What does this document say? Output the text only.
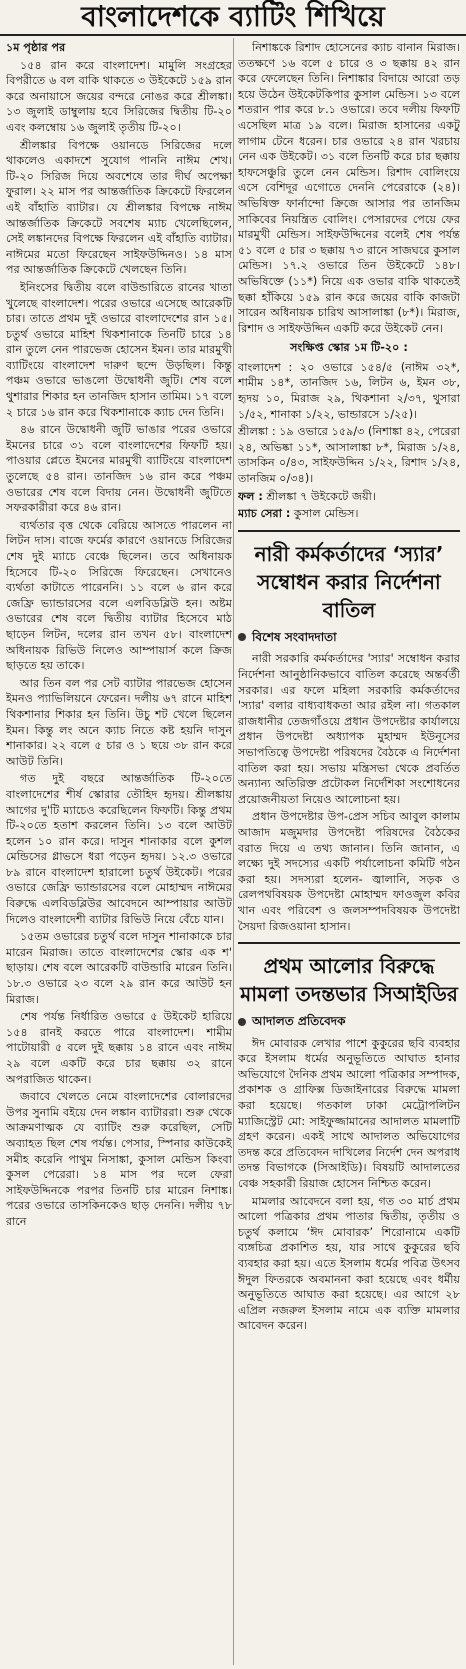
বাংলাদেশকে ব্যাটিং শিখিয়ে

১ম পৃষ্ঠার পর

১৫৪ রান করে বাংলাদেশ। মামুলি সংগ্রহের বিপরীতে ৬ বল বাকি থাকতে ৩ উইকেটে ১৫৯ রান করে অনায়াসে জয়ের বন্দরে নোঙর করে শ্রীলঙ্কা। ১৩ জুলাই ডাম্বুলায় হবে সিরিজের দ্বিতীয় টি-২০ এবং কলম্বোয় ১৬ জুলাই তৃতীয় টি-২০।

শ্রীলঙ্কার বিপক্ষে ওয়ানডে সিরিজের দলে থাকলেও একাদশে সুযোগ পাননি নাঈম শেখ। টি-২০ সিরিজ দিয়ে অবশেষে তার দীর্ঘ অপেক্ষা ফুরাল। ২২ মাস পর আন্তর্জাতিক ক্রিকেটে ফিরলেন এই বাঁহাতি ব্যাটার। যে শ্রীলঙ্কার বিপক্ষে নাঈম আন্তর্জাতিক ক্রিকেটে সবশেষ ম্যাচ খেলেছিলেন, সেই লঙ্কানদের বিপক্ষে ফিরলেন এই বাঁহাতি ব্যাটার। নাঈমের মতো ফিরেছেন সাইফউদ্দিনও। ১৪ মাস পর আন্তর্জাতিক ক্রিকেটে খেলছেন তিনি।

ইনিংসের দ্বিতীয় বলে বাউন্ডারিতে রানের খাতা খুলেছে বাংলাদেশ। পরের ওভারে এসেছে আরেকটি চার। তাতে প্রথম দুই ওভারে বাংলাদেশের রান ১৫। চতুর্থ ওভারে মাহিশ থিকশানাকে তিনটি চারে ১৪ রান তুলে নেন পারভেজ হোসেন ইমন। তার মারমুখী ব্যাটিংয়ে বাংলাদেশ দারুণ ছন্দে উড়ছিল। কিন্তু পঞ্চম ওভারে ভাঙলো উদ্বোধনী জুটি। শেষ বলে থুশারার শিকার হন তানজিদ হাসান তামিম। ১৭ বলে ২ চারে ১৬ রান করে থিকশানাকে ক্যাচ দেন তিনি।

৪৬ রানে উদ্বোধনী জুটি ভাঙার পরের ওভারে ইমনের চারে ৩১ বলে বাংলাদেশের ফিফটি হয়। পাওয়ার প্লেতে ইমনের মারমুখী ব্যাটিংয়ে বাংলাদেশ তুলেছে ৫৪ রান। তানজিদ ১৬ রান করে পঞ্চম ওভারের শেষ বলে বিদায় নেন। উদ্বোধনী জুটিতে সফরকারীরা করে ৪৬ রান।

ব্যর্থতার বৃত্ত থেকে বেরিয়ে আসতে পারলেন না লিটন দাস। বাজে ফর্মের কারণে ওয়ানডে সিরিজের শেষ দুই ম্যাচে বেঞ্চে ছিলেন। তবে অধিনায়ক হিসেবে টি-২০ সিরিজে ফিরেছেন। সেখানেও ব্যর্থতা কাটাতে পারেননি। ১১ বলে ৬ রান করে জেফ্রি ভ্যান্ডারসের বলে এলবিডব্লিউ হন। অষ্টম ওভারের শেষ বলে দ্বিতীয় ব্যাটার হিসেবে মাঠ ছাড়েন লিটন, দলের রান তখন ৫৮। বাংলাদেশ অধিনায়ক রিভিউ নিলেও আম্পায়ার্স কলে ক্রিজ ছাড়তে হয় তাকে।

আর তিন বল পর সেট ব্যাটার পারভেজ হোসেন ইমনও প্যাভিলিয়নে ফেরেন। দলীয় ৬৭ রানে মাহিশ থিকশানার শিকার হন তিনি। উচু শট খেলে ছিলেন ইমন। কিন্তু লং অনে ক্যাচ নিতে কষ্ট হয়নি দাসুন শানাকার। ২২ বলে ৫ চার ও ১ ছয়ে ৩৮ রান করে আউট তিনি।

গত দুই বছরে আন্তর্জাতিক টি-২০তে বাংলাদেশের শীর্ষ স্কোরার তৌহিদ হৃদয়। শ্রীলঙ্কায় আগের দু'টি ম্যাচেও করেছিলেন ফিফটি। কিন্তু প্রথম টি-২০তে হতাশ করলেন তিনি। ১৩ বলে আউট হলেন ১০ রান করে। দাসুন শানাকার বলে কুশল মেন্ডিসের গ্লাভসে ধরা পড়েন হৃদয়। ১২.৩ ওভারে ৮৯ রানে বাংলাদেশ হারালো চতুর্থ উইকেট। পরের ওভারে জেফ্রি ভ্যান্ডারসের বলে মোহাম্মদ নাঈমের বিরুদ্ধে এলবিডব্লিউর আবেদনে আম্পায়ার আউট দিলেও বাংলাদেশী ব্যাটার রিভিউ নিয়ে বেঁচে যান।

১৫তম ওভারের চতুর্থ বলে দাসুন শানাকাকে চার মারেন মিরাজ। তাতে বাংলাদেশের স্কোর এক শ' ছাড়ায়। শেষ বলে আরেকটি বাউন্ডারি মারেন তিনি। ১৮.৩ ওভারে ২৩ বলে ২৯ রান করে আউট হন মিরাজ।

শেষ পর্যন্ত নির্ধারিত ওভারে ৫ উইকেট হারিয়ে ১৫৪ রানই করতে পারে বাংলাদেশ। শামীম পাটোয়ারী ৫ বলে দুই ছক্কায় ১৪ রানে এবং নাঈম ২৯ বলে একটি করে চার ছক্কায় ৩২ রানে অপরাজিত থাকেন।

জবাবে খেলতে নেমে বাংলাদেশের বোলারদের উপর সুনামি বইয়ে দেন লঙ্কান ব্যাটাররা। শুরু থেকে আক্রমণাত্মক যে ব্যাটিং শুরু করেছিল, সেটি অব্যাহত ছিল শেষ পর্যন্ত। পেসার, স্পিনার কাউকেই সমীহ করেনি পাথুম নিসাঙ্কা, কুসাল মেন্ডিস কিংবা কুসল পেরেরা। ১৪ মাস পর দলে ফেরা সাইফউদ্দিনকে পরপর তিনটি চার মারেন নিশাঙ্ক। পরের ওভারে তাসকিনকেও ছাড় দেননি। দলীয় ৭৮ রানে

নিশাঙ্ককে রিশাদ হোসেনের ক্যাচ বানান মিরাজ। ততক্ষণে ১৬ বলে ৫ চারে ও ৩ ছক্কায় ৪২ রান করে ফেলেছেন তিনি। নিশাঙ্কার বিদায়ে আরো তড় হয়ে উঠেন উইকেটকিপার কুসাল মেন্ডিস। ১৩ বলে শতরান পার করে ৮.১ ওভারে। তবে দলীয় ফিফটি এসেছিল মাত্র ১৯ বলে। মিরাজ হাসানের একটু লাগাম টেনে ধরেন। চার ওভারে ২৪ রান খরচায় নেন এক উইকেট। ৩১ বলে তিনটি করে চার ছক্কায় হাফসেঞ্চুরি তুলে নেন মেন্ডিস। রিশাদ বোলিংয়ে এসে বেশিদূর এগোতে দেননি পেরেরাকে (২৪)। অভিষিক্ত ফার্নান্দো ক্রিজে আসার পর তানজিম সাকিবের নিয়ন্ত্রিত বোলিং। পেসারদের পেয়ে ফের মারমুখী মেন্ডিস। সাইফউদ্দিনের বলেই শেষ পর্যন্ত ৫১ বলে ৫ চার ৩ ছক্কায় ৭৩ রানে সাজঘরে কুসাল মেন্ডিস। ১৭.২ ওভারে তিন উইকেটে ১৪৮। অভিষিক্তে (১১*) নিয়ে এক ওভার বাকি থাকতেই ছক্কা হাঁকিয়ে ১৫৯ রান করে জয়ের বাকি কাজটা সারেন অধিনায়ক চারিথ আসালাঙ্কা (৮*)। মিরাজ, রিশাদ ও সাইফউদ্দিন একটি করে উইকেট নেন।

সংক্ষিপ্ত স্কোর ১ম টি-২০ :

বাংলাদেশ : ২০ ওভারে ১৫৪/৫ (নাঈম ৩২*, শামীম ১৪*, তানজিদ ১৬, লিটন ৬, ইমন ৩৮, হৃদয় ১০, মিরাজ ২৯, থিকশানা ২/৩৭, থুসারা ১/৫২, শানাকা ১/২২, ভান্ডারসে ১/২৫)।

শ্রীলঙ্কা : ১৯ ওভারে ১৫৯/৩ (নিশাঙ্কা ৪২, পেরেরা ২৪, অভিষ্কা ১১*, আসালাঙ্কা ৮*, মিরাজ ১/২৪, তাসকিন ০/৪৩, সাইফউদ্দিন ১/২২, রিশাদ ১/২৪, তানজিম ০/৩৪)।

ফল : শ্রীলঙ্কা ৭ উইকেটে জয়ী।

ম্যাচ সেরা : কুসাল মেন্ডিস।

নারী কর্মকর্তাদের ‘স্যার’ সম্বোধন করার নির্দেশনা বাতিল
বিশেষ সংবাদদাতা

নারী সরকারি কর্মকর্তাদের 'স্যার' সম্বোধন করার নির্দেশনা আনুষ্ঠানিকভাবে বাতিল করেছে অন্তর্বর্তী সরকার। এর ফলে মহিলা সরকারি কর্মকর্তাদের 'স্যার' বলার বাধ্যবাধকতা আর রইল না। গতকাল রাজধানীর তেজগাঁওয়ে প্রধান উপদেষ্টার কার্যালয়ে প্রধান উপদেষ্টা অধ্যাপক মুহাম্মদ ইউনূসের সভাপতিত্বে উপদেষ্টা পরিষদের বৈঠকে এ নির্দেশনা বাতিল করা হয়। সভায় মন্ত্রিসভা থেকে প্রবর্তিত অন্যান্য অতিরিক্ত প্রটোকল নির্দেশিকা সংশোধনের প্রয়োজনীয়তা নিয়েও আলোচনা হয়।

প্রধান উপদেষ্টার উপ-প্রেস সচিব আবুল কালাম আজাদ মজুমদার উপদেষ্টা পরিষদের বৈঠকের বরাত দিয়ে এ তথ্য জানান। তিনি জানান, এ লক্ষ্যে দুই সদস্যের একটি পর্যালোচনা কমিটি গঠন করা হয়। সদস্যরা হলেন- জ্বালানি, সড়ক ও রেলপথবিষয়ক উপদেষ্টা মোহাম্মদ ফাওজুল কবির খান এবং পরিবেশ ও জলসম্পদবিষয়ক উপদেষ্টা সৈয়দা রিজওয়ানা হাসান।

প্রথম আলোর বিরুদ্ধে মামলা তদন্তভার সিআইডির
আদালত প্রতিবেদক

ঈদ মোবারক লেখার পাশে কুকুরের ছবি ব্যবহার করে ইসলাম ধর্মের অনুভূতিতে আঘাত হানার অভিযোগে দৈনিক প্রথম আলো পত্রিকার সম্পাদক, প্রকাশক ও গ্রাফিক্স ডিজাইনারের বিরুদ্ধে মামলা করা হয়েছে। গতকাল ঢাকা মেট্রোপলিটন ম্যাজিস্ট্রেট মো: সাইফুজ্জামানের আদালত মামলাটি গ্রহণ করেন। একই সাথে আদালত অভিযোগের তদন্ত করে প্রতিবেদন দাখিলের নির্দেশ দেন অপরাধ তদন্ত বিভাগকে (সিআইডি)। বিষয়টি আদালতের বেঞ্চ সহকারী রিয়াজ হোসেন নিশ্চিত করেন।

মামলার আবেদনে বলা হয়, গত ৩০ মার্চ প্রথম আলো পত্রিকার প্রথম পাতার দ্বিতীয়, তৃতীয় ও চতুর্থ কলামে ‘ঈদ মোবারক’ শিরোনামে একটি ব্যঙ্গচিত্র প্রকাশিত হয়, যার সাথে কুকুরের ছবি ব্যবহার করা হয়। এতে ইসলাম ধর্মের পবিত্র উৎসব ঈদুল ফিতরকে অবমাননা করা হয়েছে এবং ধর্মীয় অনুভূতিতে আঘাত করা হয়েছে। এর আগে ২৮ এপ্রিল নজরুল ইসলাম নামে এক ব্যক্তি মামলার আবেদন করেন।
